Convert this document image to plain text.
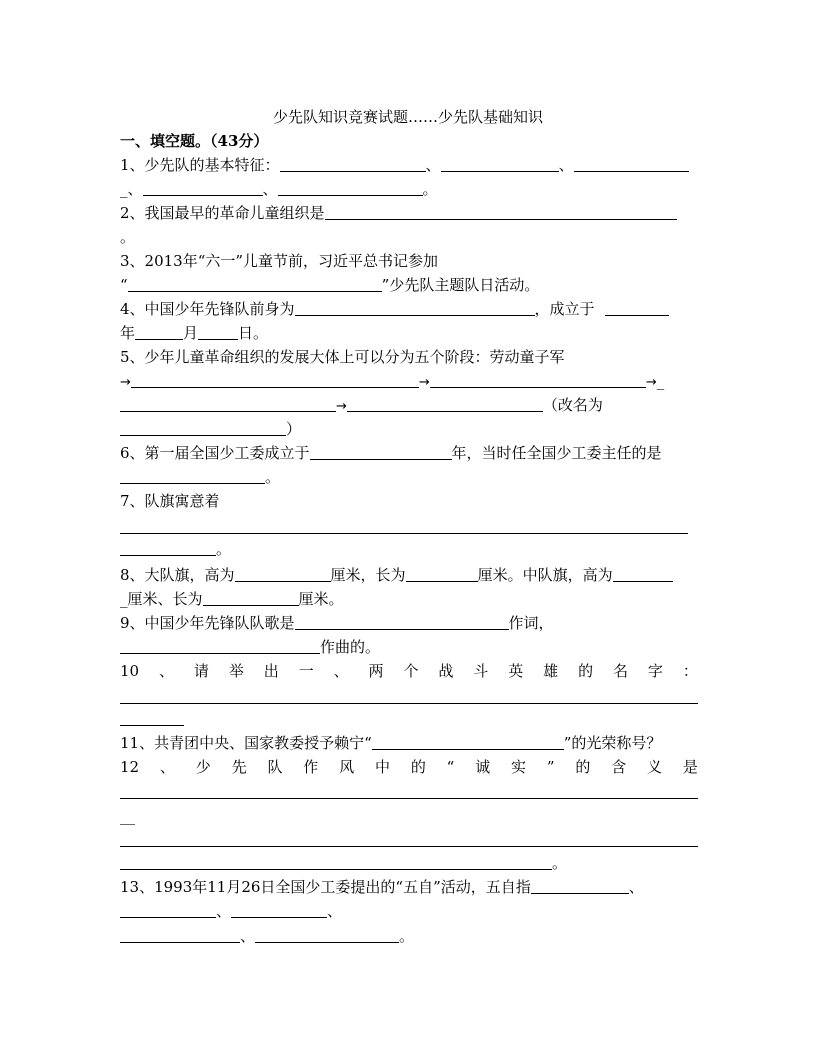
少先队知识竞赛试题……少先队基础知识
一、填空题。（43分）
1、少先队的基本特征：	、	、
_、	、	。
2、我国最早的革命儿童组织是
。
3、2013年“六一”儿童节前，习近平总书记参加
“	”少先队主题队日活动。
4、中国少年先锋队前身为	，成立于
年	月	日。
5、少年儿童革命组织的发展大体上可以分为五个阶段：劳动童子军
→	→	→_
→	（改名为
）
6、第一届全国少工委成立于	年，当时任全国少工委主任的是
。
7、队旗寓意着
。
8、大队旗，高为	厘米，长为	厘米。中队旗，高为
_厘米、长为	厘米。
9、中国少年先锋队队歌是	作词，
作曲的。
10 、 请 举 出 一 、 两 个 战 斗 英 雄 的 名 字 ：
11、共青团中央、国家教委授予赖宁“	”的光荣称号？
12 、 少 先 队 作 风 中 的 “ 诚 实 ” 的 含 义 是
__
。
13、1993年11月26日全国少工委提出的“五自”活动，五自指	、
、	、
、	。
